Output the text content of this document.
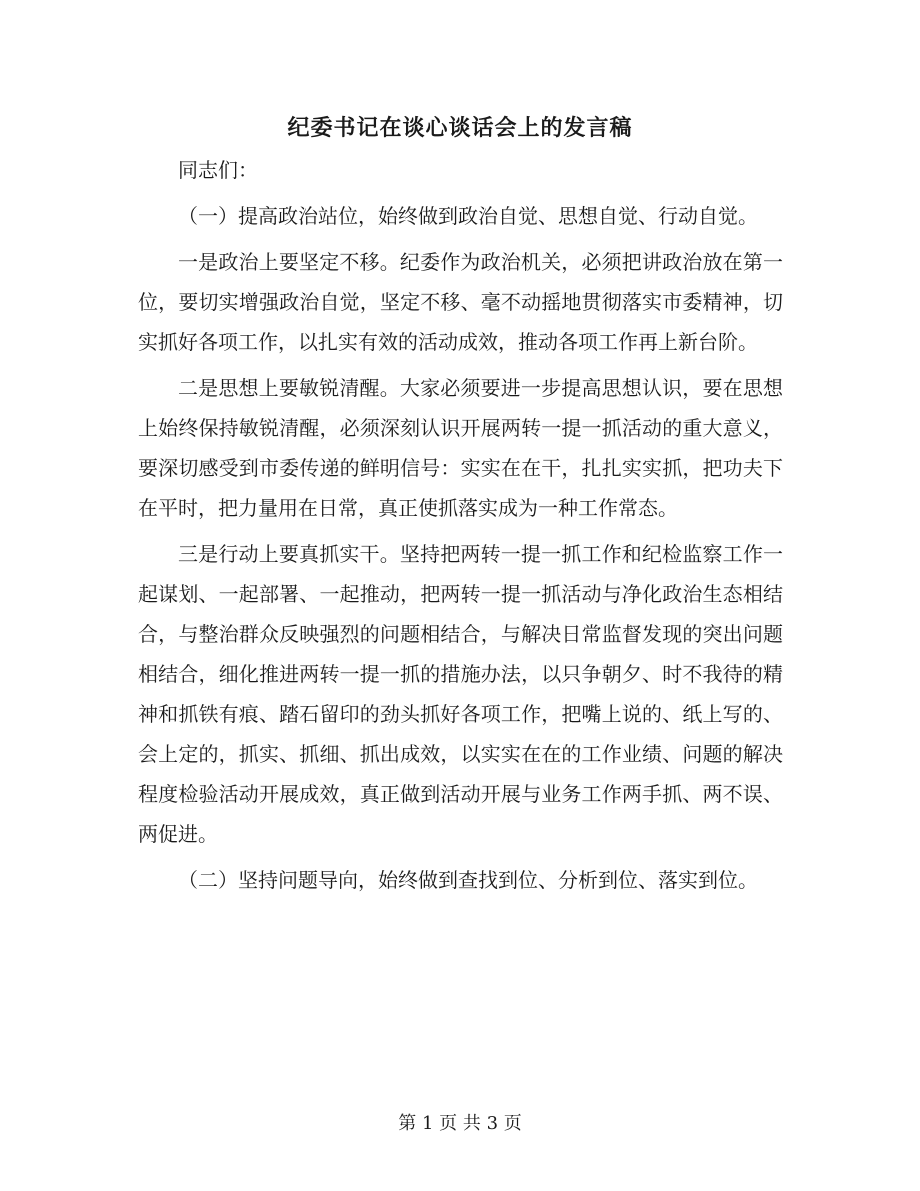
纪委书记在谈心谈话会上的发言稿

同志们：

（一）提高政治站位，始终做到政治自觉、思想自觉、行动自觉。

一是政治上要坚定不移。纪委作为政治机关，必须把讲政治放在第一位，要切实增强政治自觉，坚定不移、毫不动摇地贯彻落实市委精神，切实抓好各项工作，以扎实有效的活动成效，推动各项工作再上新台阶。

二是思想上要敏锐清醒。大家必须要进一步提高思想认识，要在思想上始终保持敏锐清醒，必须深刻认识开展两转一提一抓活动的重大意义，要深切感受到市委传递的鲜明信号：实实在在干，扎扎实实抓，把功夫下在平时，把力量用在日常，真正使抓落实成为一种工作常态。

三是行动上要真抓实干。坚持把两转一提一抓工作和纪检监察工作一起谋划、一起部署、一起推动，把两转一提一抓活动与净化政治生态相结合，与整治群众反映强烈的问题相结合，与解决日常监督发现的突出问题相结合，细化推进两转一提一抓的措施办法，以只争朝夕、时不我待的精神和抓铁有痕、踏石留印的劲头抓好各项工作，把嘴上说的、纸上写的、会上定的，抓实、抓细、抓出成效，以实实在在的工作业绩、问题的解决程度检验活动开展成效，真正做到活动开展与业务工作两手抓、两不误、两促进。

（二）坚持问题导向，始终做到查找到位、分析到位、落实到位。

第 1 页 共 3 页
